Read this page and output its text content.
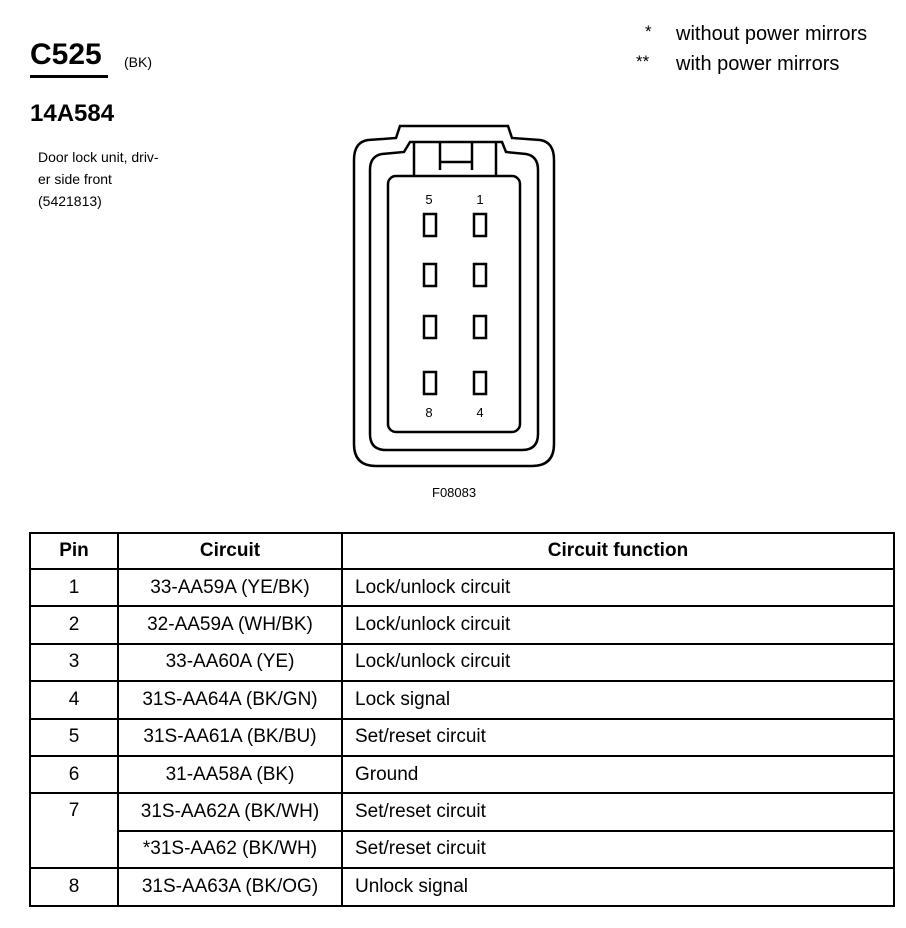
C525 (BK)
14A584
Door lock unit, driv-
er side front
(5421813)
* without power mirrors
** with power mirrors
5	1
8	4
F08083
Pin	Circuit	Circuit function
1	33-AA59A (YE/BK)	Lock/unlock circuit
2	32-AA59A (WH/BK)	Lock/unlock circuit
3	33-AA60A (YE)	Lock/unlock circuit
4	31S-AA64A (BK/GN)	Lock signal
5	31S-AA61A (BK/BU)	Set/reset circuit
6	31-AA58A (BK)	Ground
7	31S-AA62A (BK/WH)	Set/reset circuit
	*31S-AA62 (BK/WH)	Set/reset circuit
8	31S-AA63A (BK/OG)	Unlock signal
